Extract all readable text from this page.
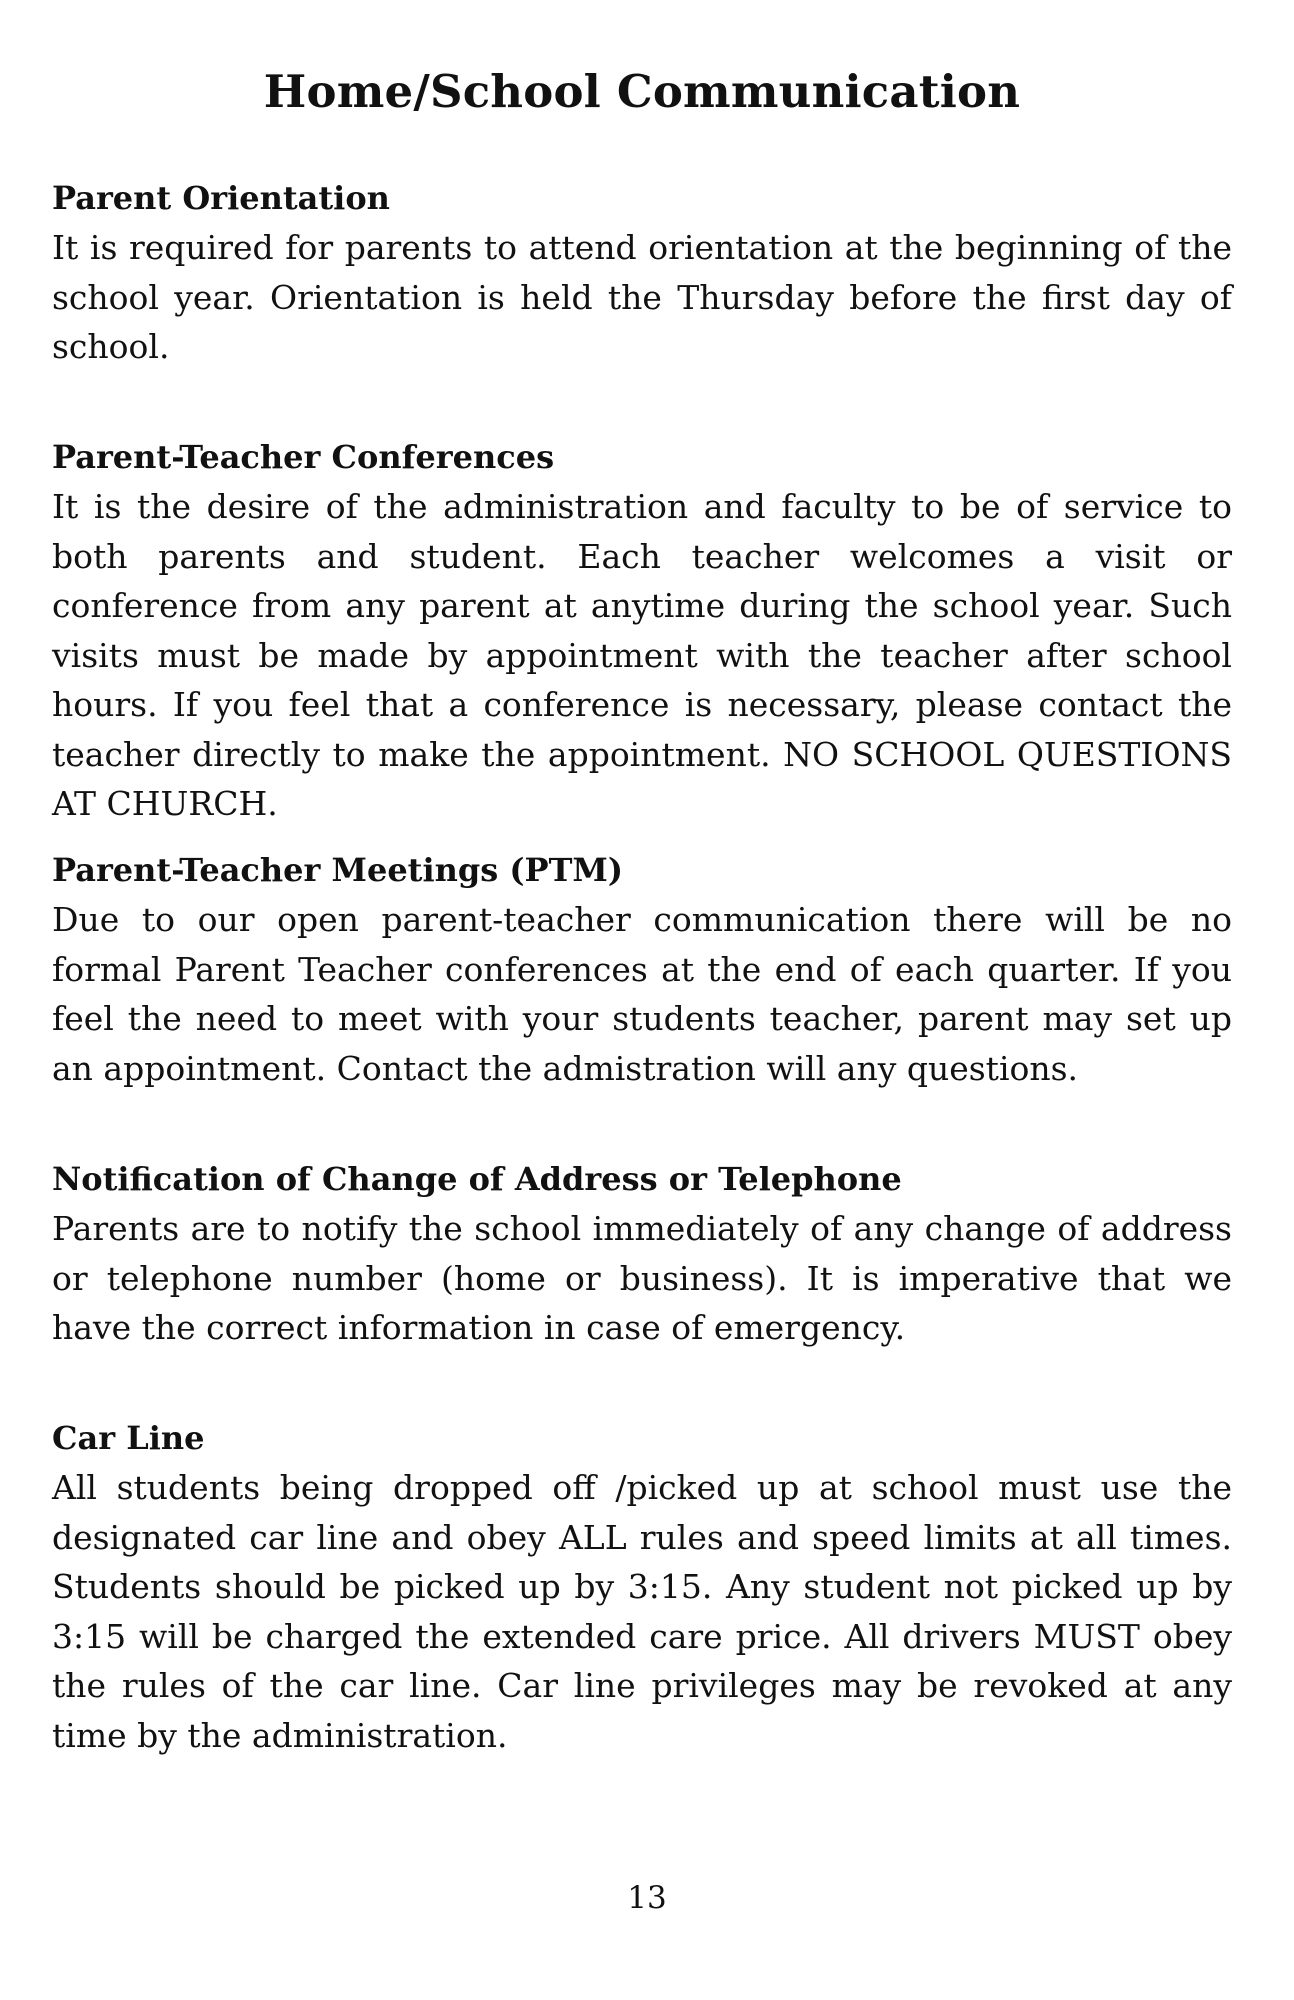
Home/School Communication
Parent Orientation

It is required for parents to attend orientation at the beginning of the school year. Orientation is held the Thursday before the first day of school.

Parent-Teacher Conferences

It is the desire of the administration and faculty to be of service to both parents and student. Each teacher welcomes a visit or conference from any parent at anytime during the school year. Such visits must be made by appointment with the teacher after school hours. If you feel that a conference is necessary, please contact the teacher directly to make the appointment. NO SCHOOL QUESTIONS AT CHURCH.

Parent-Teacher Meetings (PTM)

Due to our open parent-teacher communication there will be no formal Parent Teacher conferences at the end of each quarter. If you feel the need to meet with your students teacher, parent may set up an appointment. Contact the admistration will any questions.

Notification of Change of Address or Telephone

Parents are to notify the school immediately of any change of address or telephone number (home or business). It is imperative that we have the correct information in case of emergency.

Car Line

All students being dropped off /picked up at school must use the designated car line and obey ALL rules and speed limits at all times. Students should be picked up by 3:15. Any student not picked up by 3:15 will be charged the extended care price. All drivers MUST obey the rules of the car line. Car line privileges may be revoked at any time by the administration.

13
